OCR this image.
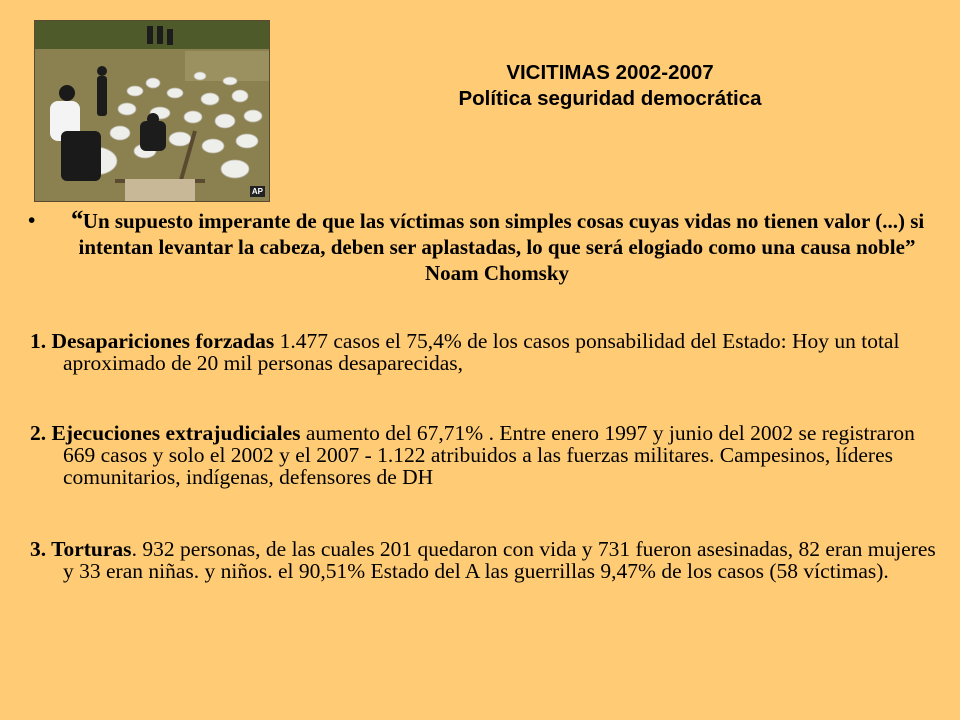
AP
VICITIMAS 2002-2007
Política seguridad democrática
• “Un supuesto imperante de que las víctimas son simples cosas cuyas vidas no tienen valor (...) si intentan levantar la cabeza, deben ser aplastadas, lo que será elogiado como una causa noble” Noam Chomsky
1. Desapariciones forzadas 1.477 casos el 75,4% de los casos ponsabilidad del Estado: Hoy un total aproximado de 20 mil personas desaparecidas,
2. Ejecuciones extrajudiciales aumento del 67,71% . Entre enero 1997 y junio del 2002 se registraron 669 casos y solo el 2002 y el 2007 - 1.122 atribuidos a las fuerzas militares. Campesinos, líderes comunitarios, indígenas, defensores de DH
3. Torturas. 932 personas, de las cuales 201 quedaron con vida y 731 fueron asesinadas, 82 eran mujeres y 33 eran niñas. y niños. el 90,51% Estado del A las guerrillas 9,47% de los casos (58 víctimas).
